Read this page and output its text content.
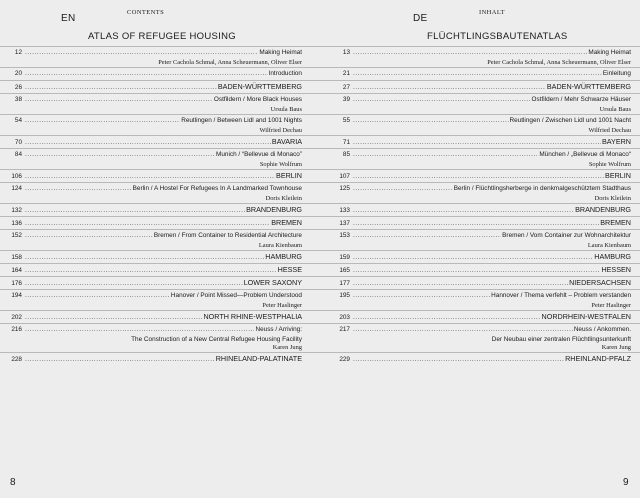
EN
CONTENTS
ATLAS OF REFUGEE HOUSING
12 .....	Making Heimat
Peter Cachola Schmal, Anna Scheuermann, Oliver Elser
20 .....	Introduction
26 .....	BADEN-WÜRTTEMBERG
38 .....	Ostfildern / More Black Houses
Ursula Baus
54 .....	Reutlingen / Between Lidl and 1001 Nights
Wilfried Dechau
70 .....	BAVARIA
84 .....	Munich / “Bellevue di Monaco”
Sophie Wolfrum
106 .....	BERLIN
124 .....	Berlin / A Hostel For Refugees In A Landmarked Townhouse
Doris Kleilein
132 .....	BRANDENBURG
136 .....	BREMEN
152 .....	Bremen / From Container to Residential Architecture
Laura Kienbaum
158 .....	HAMBURG
164 .....	HESSE
176 .....	LOWER SAXONY
194 .....	Hanover / Point Missed—Problem Understood
Peter Haslinger
202 .....	NORTH RHINE-WESTPHALIA
216 .....	Neuss / Arriving:
The Construction of a New Central Refugee Housing Facility
Karen Jung
228 .....	RHINELAND-PALATINATE
8
DE
INHALT
FLÜCHTLINGSBAUTENATLAS
13 .....	Making Heimat
Peter Cachola Schmal, Anna Scheuermann, Oliver Elser
21 .....	Einleitung
27 .....	BADEN-WÜRTTEMBERG
39 .....	Ostfildern / Mehr Schwarze Häuser
Ursula Baus
55 .....	Reutlingen / Zwischen Lidl und 1001 Nacht
Wilfried Dechau
71 .....	BAYERN
85 .....	München / „Bellevue di Monaco“
Sophie Wolfrum
107 .....	BERLIN
125 .....	Berlin / Flüchtlingsherberge in denkmalgeschütztem Stadthaus
Doris Kleilein
133 .....	BRANDENBURG
137 .....	BREMEN
153 .....	Bremen / Vom Container zur Wohnarchitektur
Laura Kienbaum
159 .....	HAMBURG
165 .....	HESSEN
177 .....	NIEDERSACHSEN
195 .....	Hannover / Thema verfehlt – Problem verstanden
Peter Haslinger
203 .....	NORDRHEIN-WESTFALEN
217 .....	Neuss / Ankommen.
Der Neubau einer zentralen Flüchtlingsunterkunft
Karen Jung
229 .....	RHEINLAND-PFALZ
9
